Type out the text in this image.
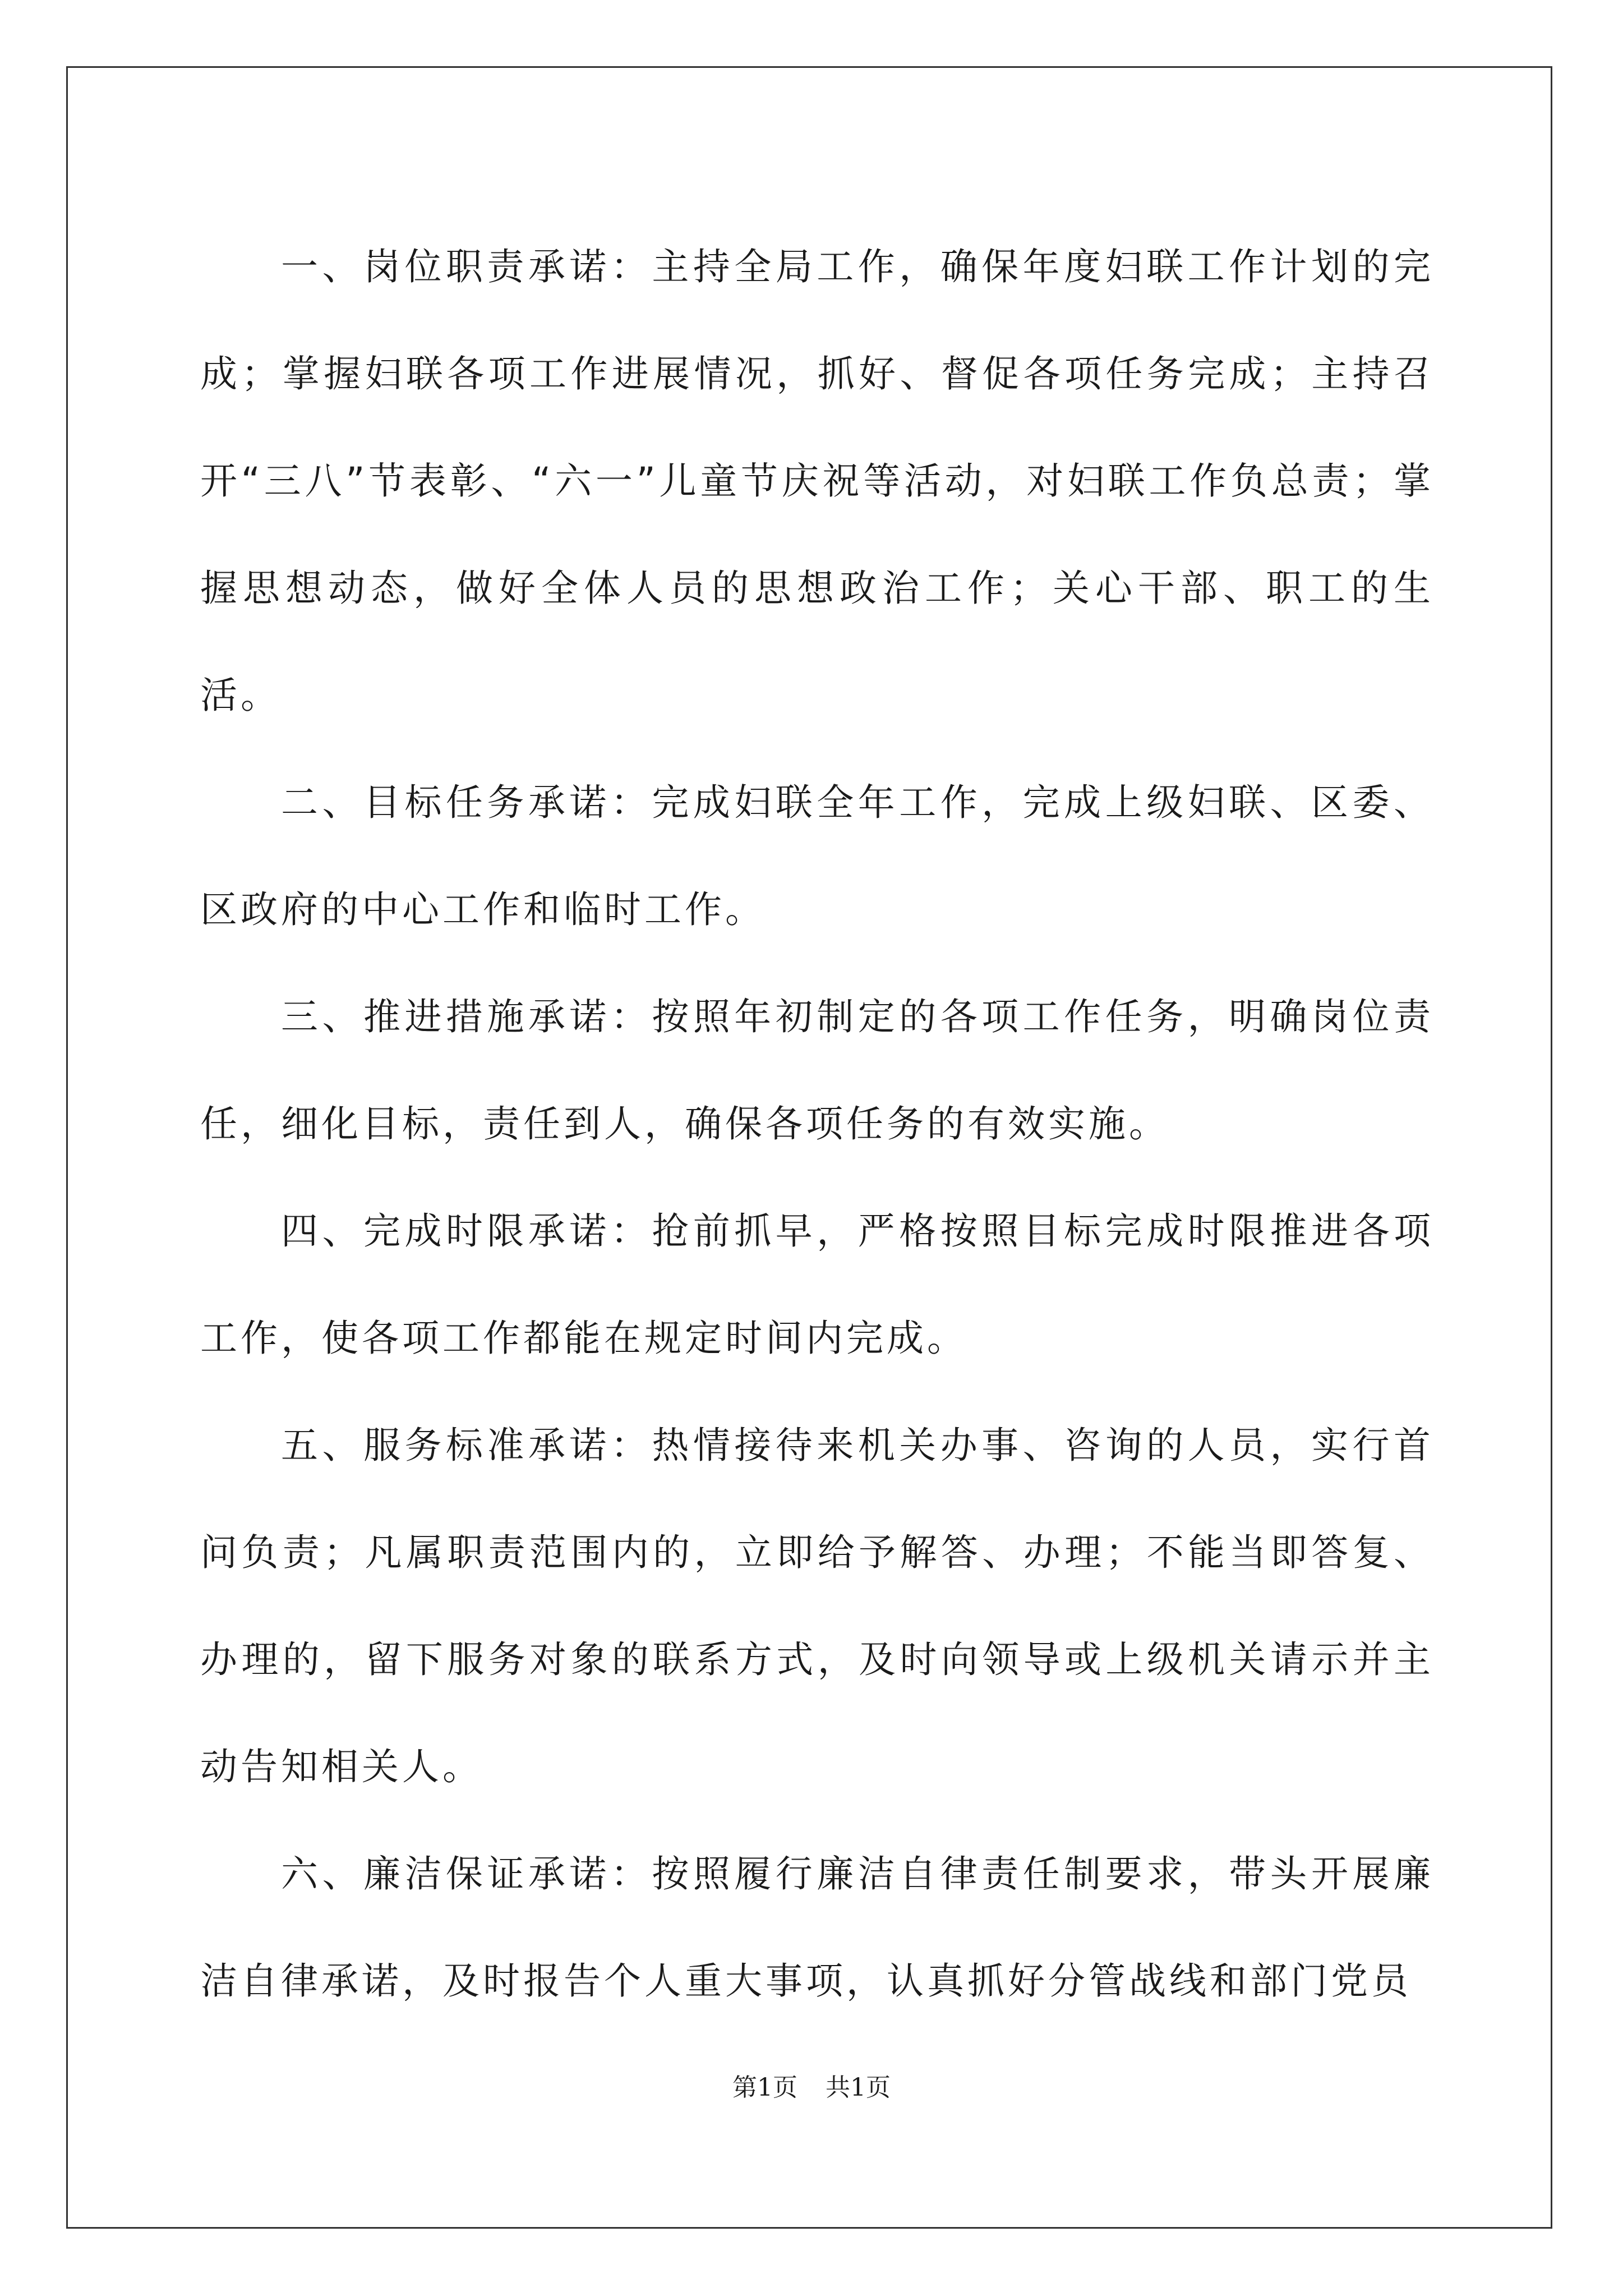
一、岗位职责承诺：主持全局工作，确保年度妇联工作计划的完成；掌握妇联各项工作进展情况，抓好、督促各项任务完成；主持召开“三八”节表彰、“六一”儿童节庆祝等活动，对妇联工作负总责；掌握思想动态，做好全体人员的思想政治工作；关心干部、职工的生活。

二、目标任务承诺：完成妇联全年工作，完成上级妇联、区委、区政府的中心工作和临时工作。

三、推进措施承诺：按照年初制定的各项工作任务，明确岗位责任，细化目标，责任到人，确保各项任务的有效实施。

四、完成时限承诺：抢前抓早，严格按照目标完成时限推进各项工作，使各项工作都能在规定时间内完成。

五、服务标准承诺：热情接待来机关办事、咨询的人员，实行首问负责；凡属职责范围内的，立即给予解答、办理；不能当即答复、办理的，留下服务对象的联系方式，及时向领导或上级机关请示并主动告知相关人。

六、廉洁保证承诺：按照履行廉洁自律责任制要求，带头开展廉洁自律承诺，及时报告个人重大事项，认真抓好分管战线和部门党员

第1页 共1页
